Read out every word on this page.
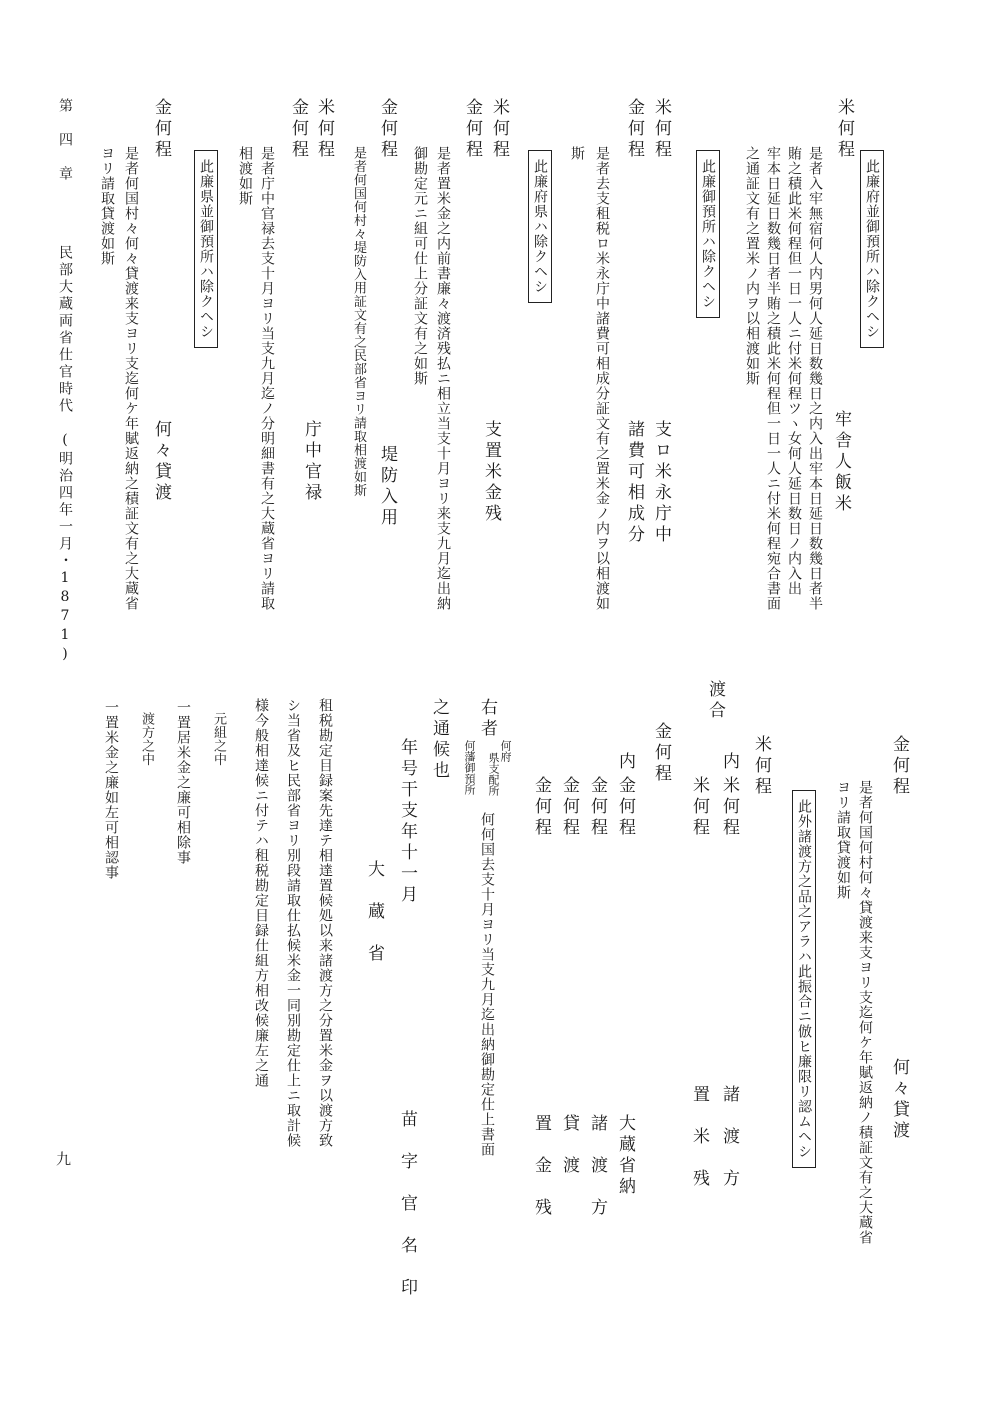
第　四　章
民部大蔵両省仕官時代　(明治四年一月・1871)
九
米何程
此廉府並御預所ハ除クヘシ
是者入牢無宿何人内男何人延日数幾日之内入出牢本日延日数幾日者半
賄之積此米何程但一日一人ニ付米何程ツヽ女何人延日数日ノ内入出
牢本日延日数幾日者半賄之積此米何程但一日一人ニ付米何程宛合書面
之通証文有之置米ノ内ヲ以相渡如斯
牢舎人飯米
此廉御預所ハ除クヘシ
米何程
金何程
支ロ米永庁中
諸費可相成分
是者去支租税ロ米永庁中諸費可相成分証文有之置米金ノ内ヲ以相渡如
斯
此廉府県ハ除クヘシ
米何程
金何程
支置米金残
是者置米金之内前書廉々渡済残払ニ相立当支十月ヨリ来支九月迄出納
御勘定元ニ組可仕上分証文有之如斯
金何程
堤防入用
是者何国何村々堤防入用証文有之民部省ヨリ請取相渡如斯
米何程
金何程
庁中官禄
是者庁中官禄去支十月ヨリ当支九月迄ノ分明細書有之大蔵省ヨリ請取
相渡如斯
此廉県並御預所ハ除クヘシ
金何程
何々貸渡
是者何国村々何々貸渡来支ヨリ支迄何ケ年賦返納之積証文有之大蔵省
ヨリ請取貸渡如斯
金何程
何々貸渡
是者何国何村何々貸渡来支ヨリ支迄何ケ年賦返納ノ積証文有之大蔵省
ヨリ請取貸渡如斯
此外諸渡方之品之アラハ此振合ニ倣ヒ廉限リ認ムヘシ
米何程
内
米何程
諸　渡　方
米何程
置　米　残
渡合
金何程
内
金何程
大蔵省納
金何程
諸　渡　方
金何程
貸　渡
金何程
置　金　残
右者
何府
県支配所
何藩御預所
何何国去支十月ヨリ当支九月迄出納御勘定仕上書面
之通候也
年号干支年十一月
大　蔵　省
苗　字　官　名　印
租税勘定目録案先達テ相達置候処以来諸渡方之分置米金ヲ以渡方致
シ当省及ヒ民部省ヨリ別段請取仕払候米金一同別勘定仕上ニ取計候
様今般相達候ニ付テハ租税勘定目録仕組方相改候廉左之通
元組之中
一置居米金之廉可相除事
渡方之中
一置米金之廉如左可相認事
